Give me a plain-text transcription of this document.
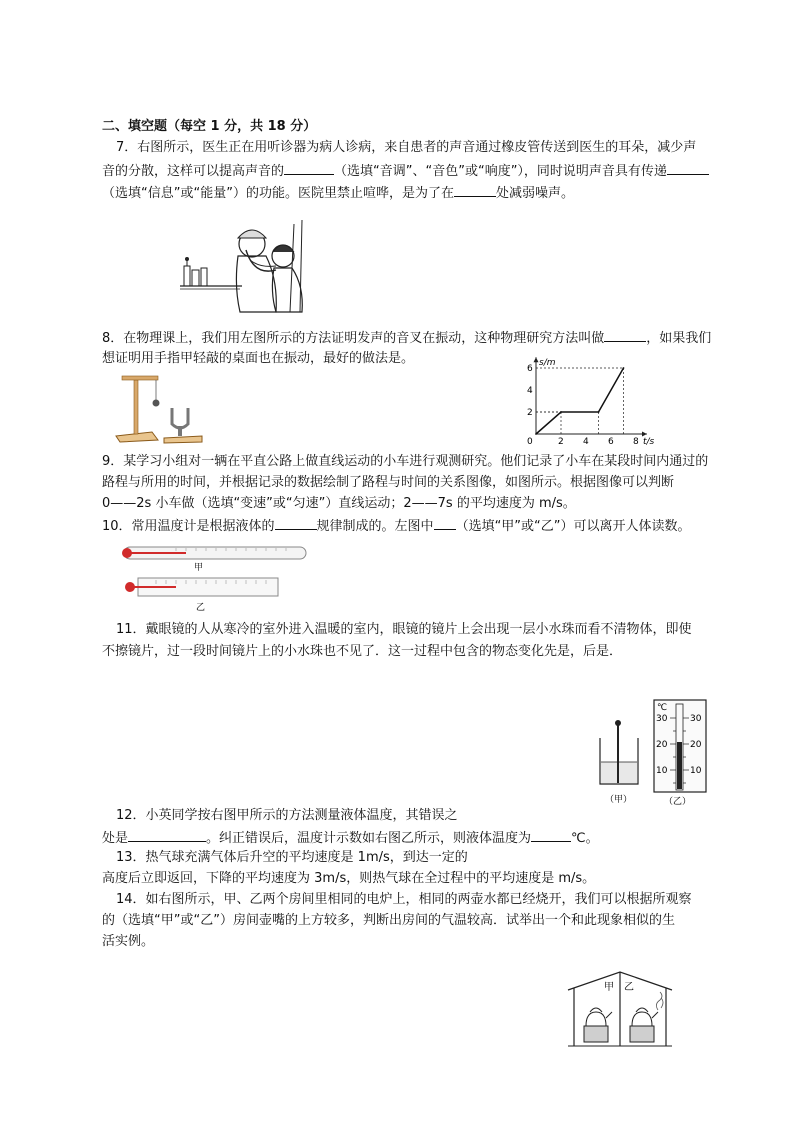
二、填空题（每空 1 分，共 18 分）
7．右图所示，医生正在用听诊器为病人诊病，来自患者的声音通过橡皮管传送到医生的耳朵，减少声
音的分散，这样可以提高声音的	（选填“音调”、“音色”或“响度”），同时说明声音具有传递
（选填“信息”或“能量”）的功能。医院里禁止喧哗，是为了在	处减弱噪声。
8．在物理课上，我们用左图所示的方法证明发声的音叉在振动，这种物理研究方法叫做	，如果我们
想证明用手指甲轻敲的桌面也在振动，最好的做法是。	s/m
t/s
0	2 4 6 8
2
4
6
9．某学习小组对一辆在平直公路上做直线运动的小车进行观测研究。他们记录了小车在某段时间内通过的
路程与所用的时间，并根据记录的数据绘制了路程与时间的关系图像，如图所示。根据图像可以判断
0——2s 小车做（选填“变速”或“匀速”）直线运动；2——7s 的平均速度为 m/s。
10．常用温度计是根据液体的	规律制成的。左图中 （选填“甲”或“乙”）可以离开人体读数。
甲
乙
11．戴眼镜的人从寒冷的室外进入温暖的室内，眼镜的镜片上会出现一层小水珠而看不清物体，即使
不擦镜片，过一段时间镜片上的小水珠也不见了．这一过程中包含的物态变化先是，后是．
（甲）
℃
30
20
10
30
20
10
（乙）
12．小英同学按右图甲所示的方法测量液体温度，其错误之
处是	。纠正错误后，温度计示数如右图乙所示，则液体温度为	℃。
13．热气球充满气体后升空的平均速度是 1m/s，到达一定的
高度后立即返回，下降的平均速度为 3m/s，则热气球在全过程中的平均速度是 m/s。
14．如右图所示，甲、乙两个房间里相同的电炉上，相同的两壶水都已经烧开，我们可以根据所观察
的（选填“甲”或“乙”）房间壶嘴的上方较多，判断出房间的气温较高．试举出一个和此现象相似的生
活实例。
甲 乙
